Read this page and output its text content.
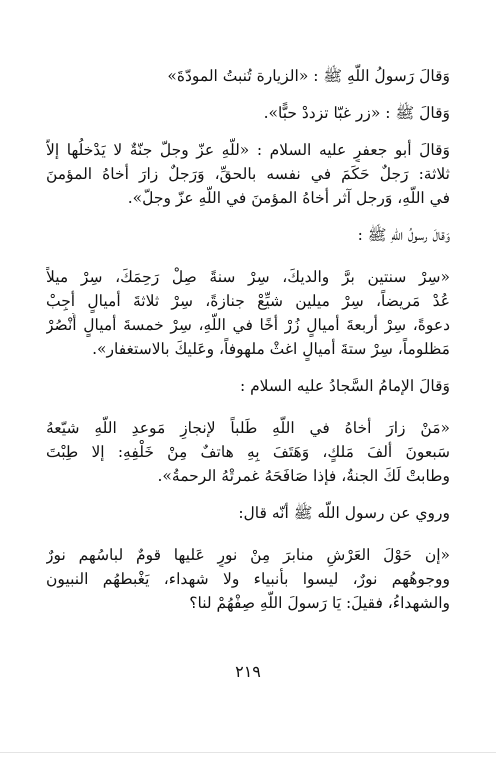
وَقالَ رَسولُ اللّهِ ﷺ : «الزيارة تُنبتُ المودّةَ»
وَقالَ ﷺ : «زر غبّا تزددْ حبًّا».
وَقالَ أبو جعفرٍ عليه السلام : «للّهِ عزّ وجلّ جنّةٌ لا يَدْخلُها إلاّ
ثلاثة: رَجلٌ حَكَمَ في نفسه بالحقِّ، وَرَجلٌ زارَ أخاهُ المؤمنَ
في اللّهِ، وَرجل آثر أخاهُ المؤمنَ في اللّهِ عزّ وجلّ».
وَقالَ رسولُ اللّهِ ﷺ :
«سِرْ سنتين برَّ والديكَ، سِرْ سنةً صِلْ رَحِمَكَ، سِرْ ميلاً
عُدْ مَريضاً، سِرْ ميلين شيِّعْ جنازةً، سِرْ ثلاثةَ أميالٍ أجِبْ
دعوةً، سِرْ أربعةَ أميالٍ زُرْ أخًا في اللّهِ، سِرْ خمسةَ أميالٍ أُنْصُرْ
مَظلوماً، سِرْ ستةَ أميالٍ اغثْ ملهوفاً، وعَليكَ بالاستغفار».
وَقالَ الإمامُ السَّجادُ عليه السلام :
«مَنْ زارَ أخاهُ في اللّهِ طَلباً لإنجازِ مَوعدِ اللّهِ شيّعهُ
سَبعونَ ألفَ مَلكٍ، وَهَتَفَ بِهِ هاتفٌ مِنْ خَلْفِهِ: إلا طِبْتَ
وطابتْ لَكَ الجنةُ، فإذا صَافَحَهُ غمرتْهُ الرحمةُ».
وروي عن رسول اللّه ﷺ أنّه قال:
«إن حَوْلَ العَرْشِ منابرَ مِنْ نورٍ عَليها قومٌ لباسُهم نورٌ
ووجوهُهم نورٌ، ليسوا بأنبياء ولا شهداء، يَغْبطهُم النبيون
والشهداءُ، فقيلَ: يَا رَسولَ اللّهِ صِفْهُمْ لنا؟
٢١٩
